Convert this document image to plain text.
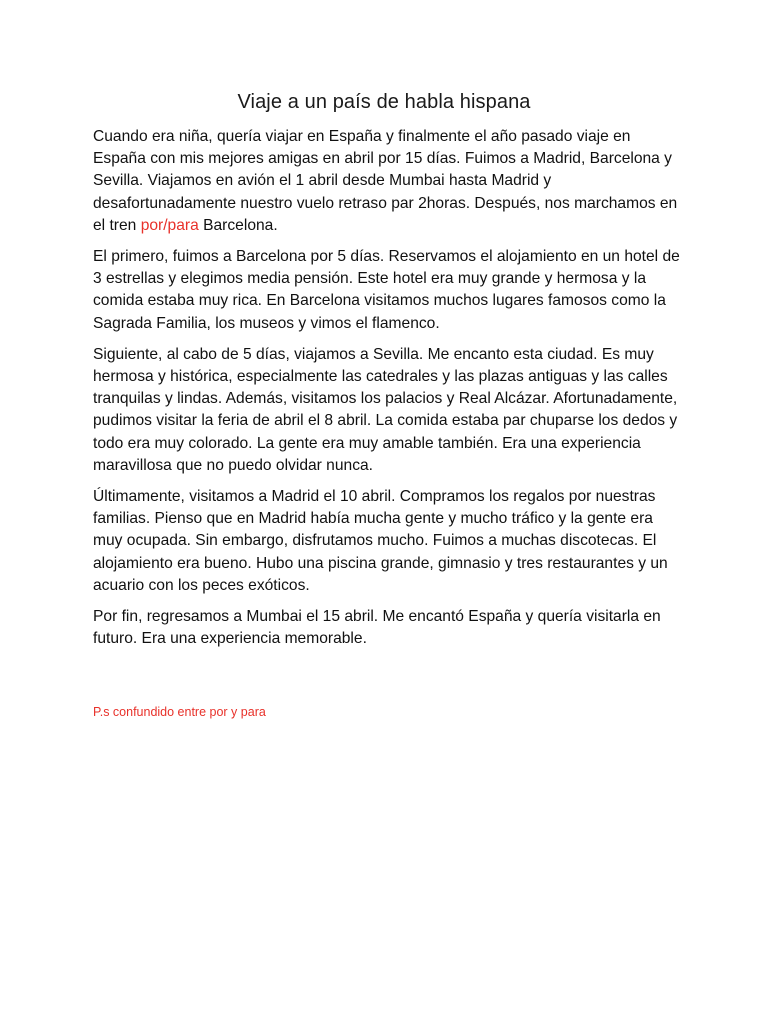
Viaje a un país de habla hispana

Cuando era niña, quería viajar en España y finalmente el año pasado viaje en España con mis mejores amigas en abril por 15 días. Fuimos a Madrid, Barcelona y Sevilla. Viajamos en avión el 1 abril desde Mumbai hasta Madrid y desafortunadamente nuestro vuelo retraso par 2horas. Después, nos marchamos en el tren por/para Barcelona.

El primero, fuimos a Barcelona por 5 días. Reservamos el alojamiento en un hotel de 3 estrellas y elegimos media pensión. Este hotel era muy grande y hermosa y la comida estaba muy rica. En Barcelona visitamos muchos lugares famosos como la Sagrada Familia, los museos y vimos el flamenco.

Siguiente, al cabo de 5 días, viajamos a Sevilla. Me encanto esta ciudad. Es muy hermosa y histórica, especialmente las catedrales y las plazas antiguas y las calles tranquilas y lindas. Además, visitamos los palacios y Real Alcázar. Afortunadamente, pudimos visitar la feria de abril el 8 abril. La comida estaba par chuparse los dedos y todo era muy colorado. La gente era muy amable también. Era una experiencia maravillosa que no puedo olvidar nunca.

Últimamente, visitamos a Madrid el 10 abril. Compramos los regalos por nuestras familias. Pienso que en Madrid había mucha gente y mucho tráfico y la gente era muy ocupada. Sin embargo, disfrutamos mucho. Fuimos a muchas discotecas. El alojamiento era bueno. Hubo una piscina grande, gimnasio y tres restaurantes y un acuario con los peces exóticos.

Por fin, regresamos a Mumbai el 15 abril. Me encantó España y quería visitarla en futuro. Era una experiencia memorable.

P.s confundido entre por y para
